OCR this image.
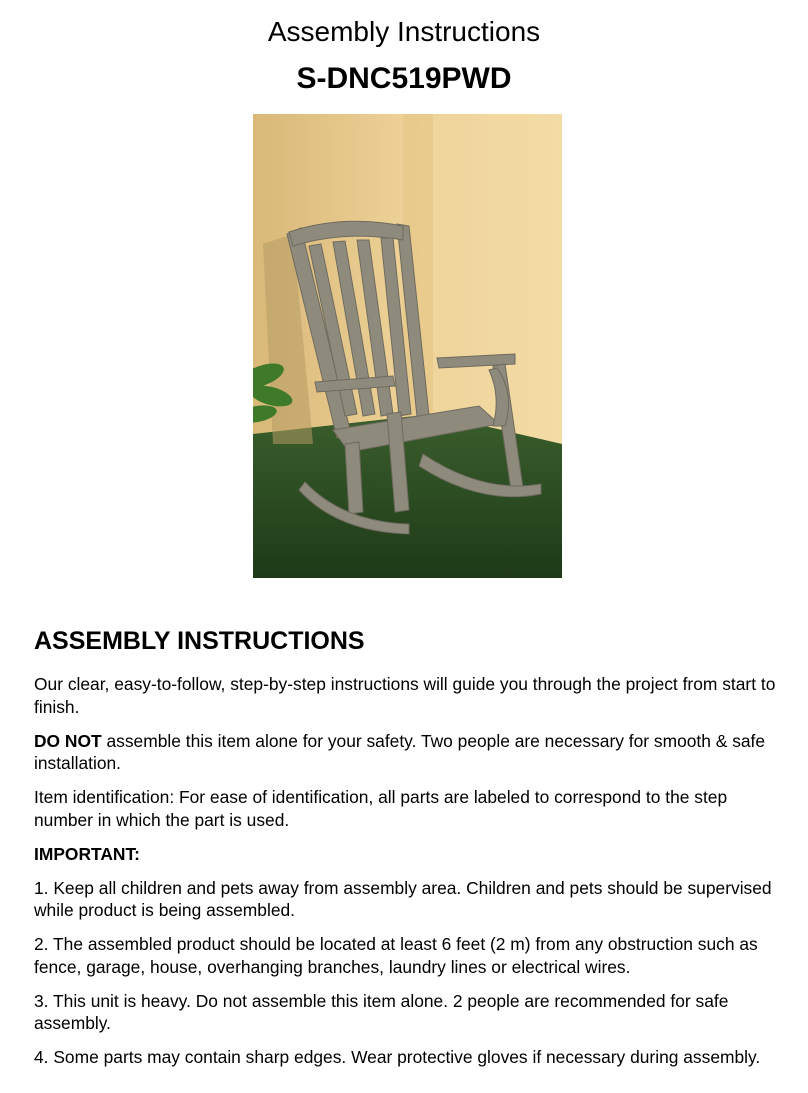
Assembly Instructions
S-DNC519PWD
ASSEMBLY INSTRUCTIONS

Our clear, easy-to-follow, step-by-step instructions will guide you through the project from start to finish.

DO NOT assemble this item alone for your safety. Two people are necessary for smooth & safe installation.

Item identification: For ease of identification, all parts are labeled to correspond to the step number in which the part is used.

IMPORTANT:

1. Keep all children and pets away from assembly area. Children and pets should be supervised while product is being assembled.

2. The assembled product should be located at least 6 feet (2 m) from any obstruction such as fence, garage, house, overhanging branches, laundry lines or electrical wires.

3. This unit is heavy. Do not assemble this item alone. 2 people are recommended for safe assembly.

4. Some parts may contain sharp edges. Wear protective gloves if necessary during assembly.
